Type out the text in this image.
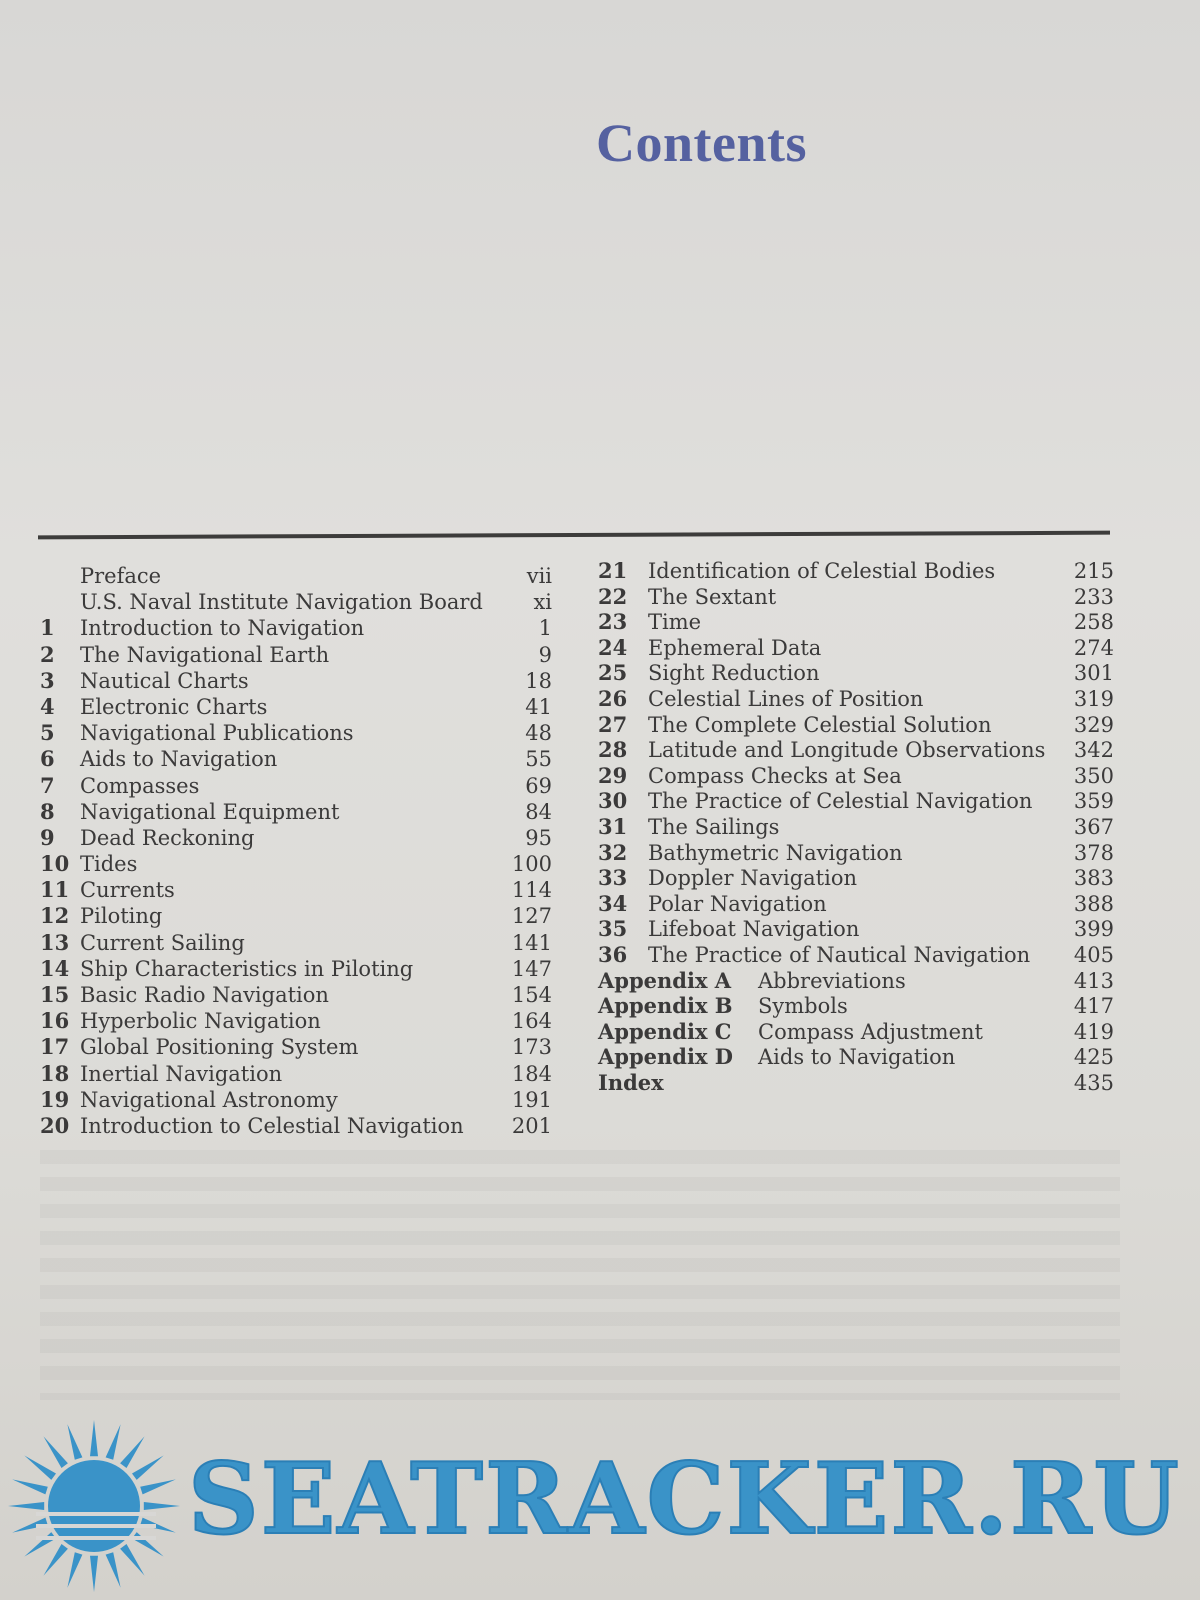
Contents
Preface	vii
U.S. Naval Institute Navigation Board xi
1	Introduction to Navigation	1
2	The Navigational Earth	9
3	Nautical Charts	18
4	Electronic Charts	41
5	Navigational Publications	48
6	Aids to Navigation	55
7	Compasses	69
8	Navigational Equipment	84
9	Dead Reckoning	95
10 Tides	100
11 Currents	114
12 Piloting	127
13 Current Sailing	141
14 Ship Characteristics in Piloting	147
15 Basic Radio Navigation	154
16 Hyperbolic Navigation	164
17 Global Positioning System	173
18 Inertial Navigation	184
19 Navigational Astronomy	191
20 Introduction to Celestial Navigation 201
21 Identification of Celestial Bodies	215
22 The Sextant	233
23 Time	258
24 Ephemeral Data	274
25 Sight Reduction	301
26 Celestial Lines of Position	319
27 The Complete Celestial Solution	329
28 Latitude and Longitude Observations 342
29 Compass Checks at Sea	350
30 The Practice of Celestial Navigation 359
31 The Sailings	367
32 Bathymetric Navigation	378
33 Doppler Navigation	383
34 Polar Navigation	388
35 Lifeboat Navigation	399
36 The Practice of Nautical Navigation 405
Appendix A Abbreviations	413
Appendix B Symbols	417
Appendix C Compass Adjustment	419
Appendix D Aids to Navigation	425
Index	435
SEATRACKER.RU
